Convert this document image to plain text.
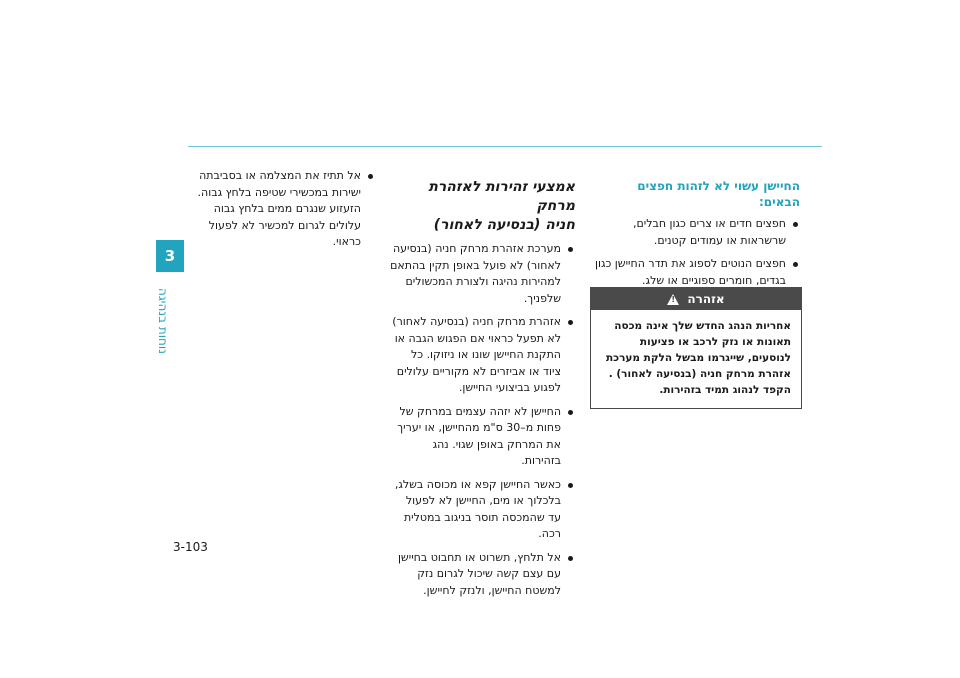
3
נוחות בנהיגה
החיישן עשוי לא לזהות חפצים
הבאים:
חפצים חדים או צרים כגון חבלים, שרשראות או עמודים קטנים.
חפצים הנוטים לספוג את תדר החיישן כגון בגדים, חומרים ספוגיים או שלג.
אזהרה
!
אחריות הנהג החדש שלך אינה מכסה תאונות או נזק לרכב או פציעות לנוסעים, שייגרמו מבשל הלקת מערכת אזהרת מרחק חניה (בנסיעה לאחור) . הקפד לנהוג תמיד בזהירות.
אמצעי זהירות לאזהרת מרחק
חניה (בנסיעה לאחור)
מערכת אזהרת מרחק חניה (בנסיעה לאחור) לא פועל באופן תקין בהתאם למהירות נהיגה ולצורת המכשולים שלפניך.
אזהרת מרחק חניה (בנסיעה לאחור) לא תפעל כראוי אם הפגוש הגבה או התקנת החיישן שונו או ניזוקו. כל ציוד או אביזרים לא מקוריים עלולים לפגוע בביצועי החיישן.
החיישן לא יזהה עצמים במרחק של פחות מ–30 ס"מ מהחיישן, או יעריך את המרחק באופן שגוי. נהג בזהירות.
כאשר החיישן קפא או מכוסה בשלג, בלכלוך או מים, החיישן לא לפעול עד שהמכסה תוסר בניגוב במטלית רכה.
אל תלחץ, תשרוט או תחבוט בחיישן עם עצם קשה שיכול לגרום נזק למשטח החיישן, ולנזק לחיישן.
אל תתיז את המצלמה או בסביבתה ישירות במכשירי שטיפה בלחץ גבוה. הזעזוע שנגרם ממים בלחץ גבוה עלולים לגרום למכשיר לא לפעול כראוי.
3-103
